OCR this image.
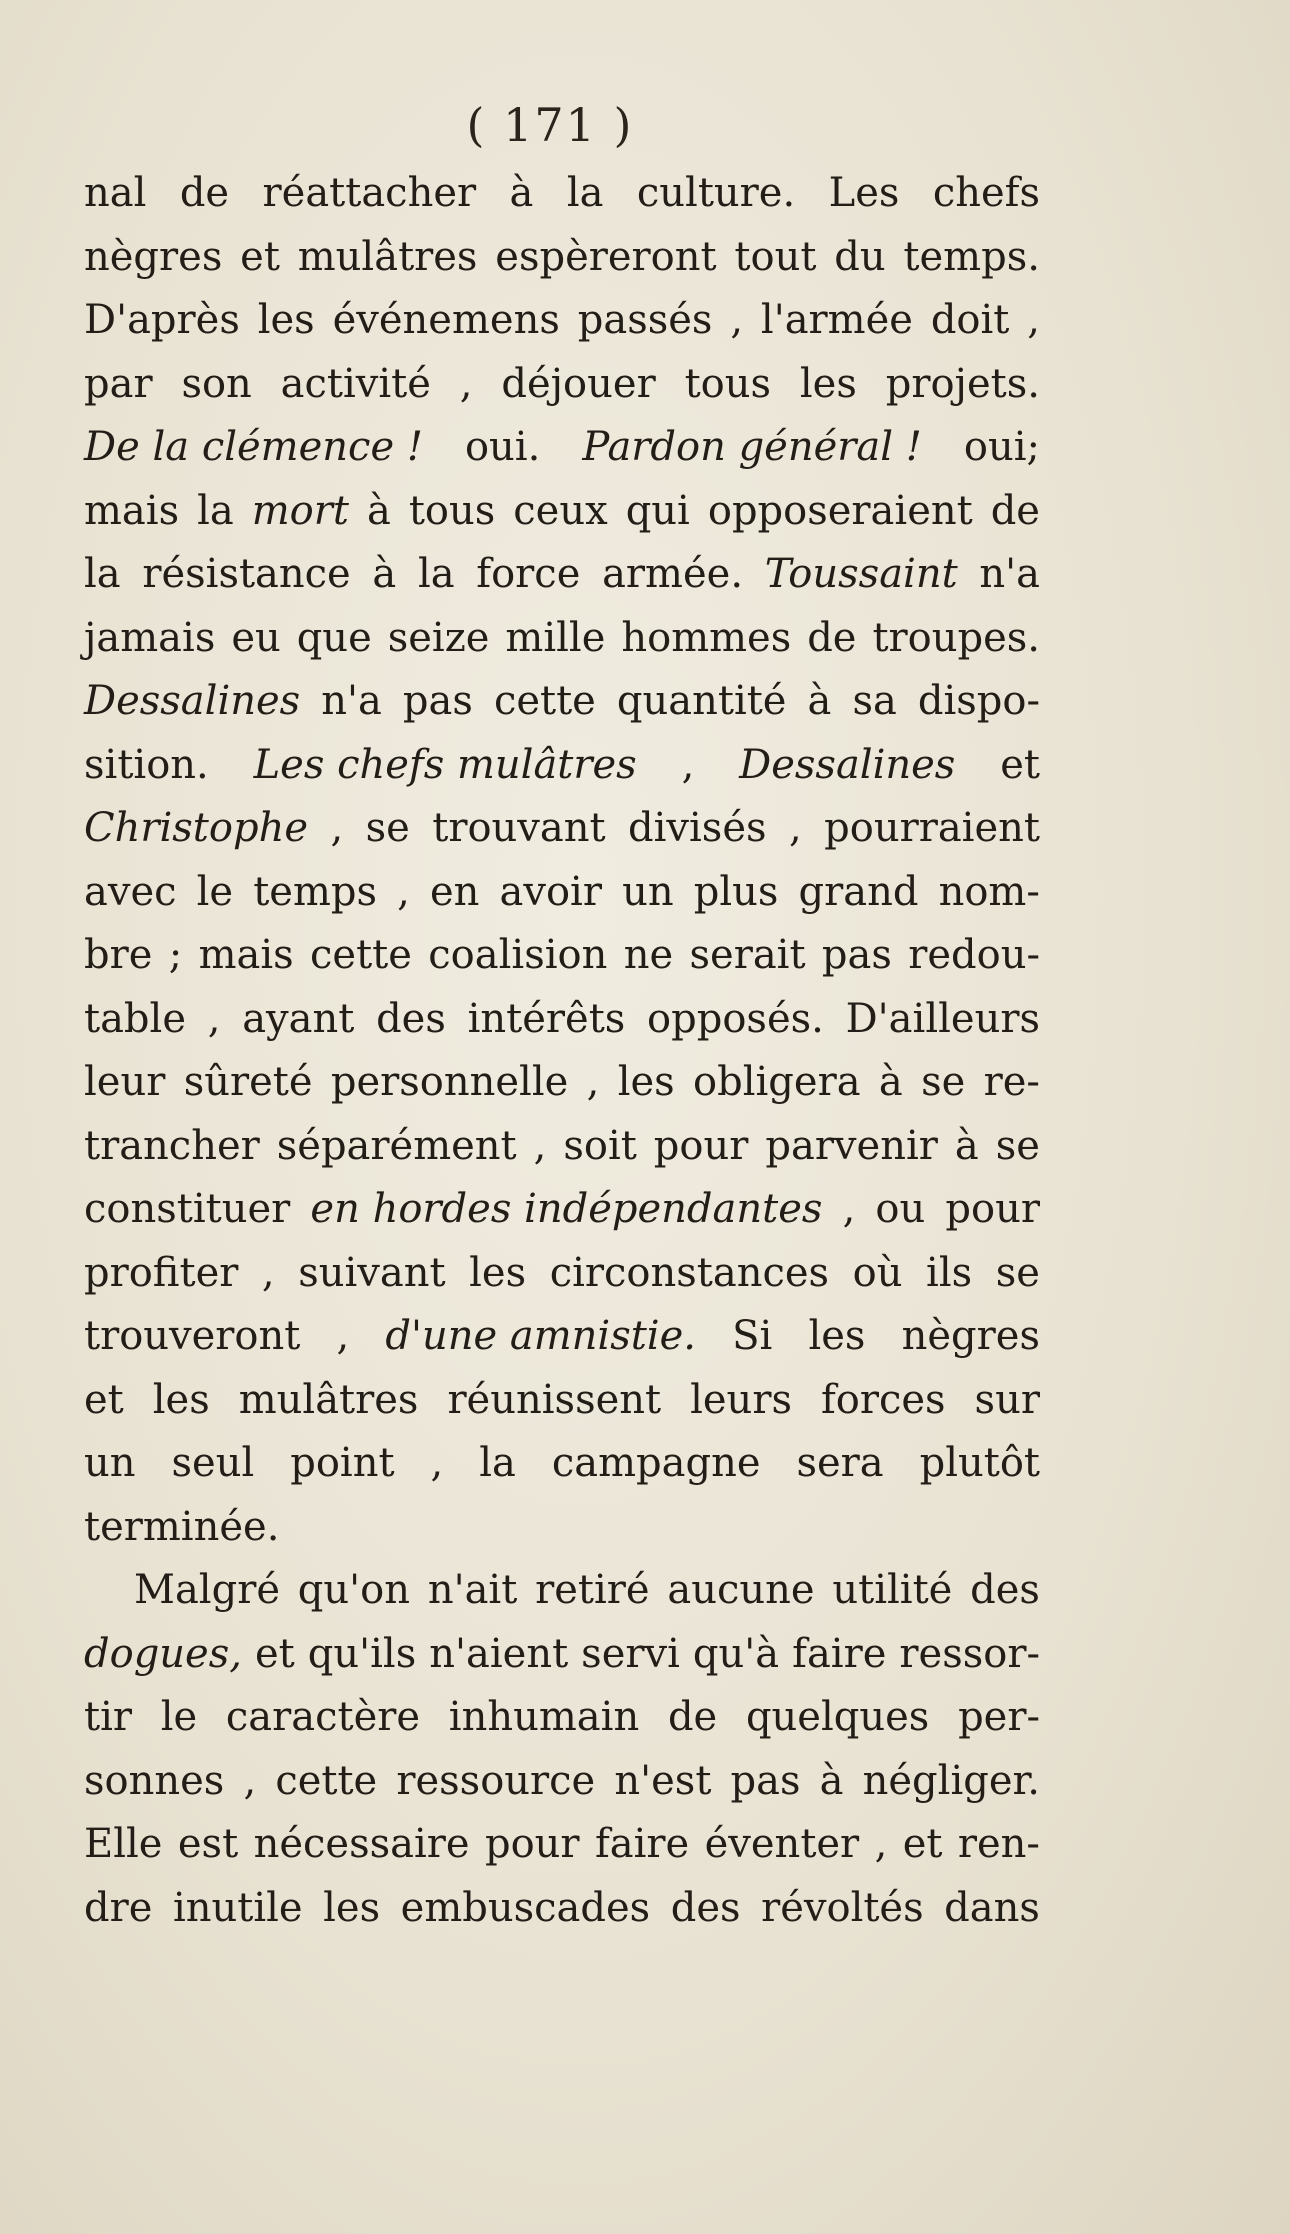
( 171 )
nal de réattacher à la culture. Les chefs
nègres et mulâtres espèreront tout du temps.
D'après les événemens passés , l'armée doit ,
par son activité , déjouer tous les projets.
De la clémence ! oui. Pardon général ! oui;
mais la mort à tous ceux qui opposeraient de
la résistance à la force armée. Toussaint n'a
jamais eu que seize mille hommes de troupes.
Dessalines n'a pas cette quantité à sa dispo-
sition. Les chefs mulâtres , Dessalines et
Christophe , se trouvant divisés , pourraient
avec le temps , en avoir un plus grand nom-
bre ; mais cette coalision ne serait pas redou-
table , ayant des intérêts opposés. D'ailleurs
leur sûreté personnelle , les obligera à se re-
trancher séparément , soit pour parvenir à se
constituer en hordes indépendantes , ou pour
profiter , suivant les circonstances où ils se
trouveront , d'une amnistie. Si les nègres
et les mulâtres réunissent leurs forces sur
un seul point , la campagne sera plutôt
terminée.
Malgré qu'on n'ait retiré aucune utilité des
dogues, et qu'ils n'aient servi qu'à faire ressor-
tir le caractère inhumain de quelques per-
sonnes , cette ressource n'est pas à négliger.
Elle est nécessaire pour faire éventer , et ren-
dre inutile les embuscades des révoltés dans
